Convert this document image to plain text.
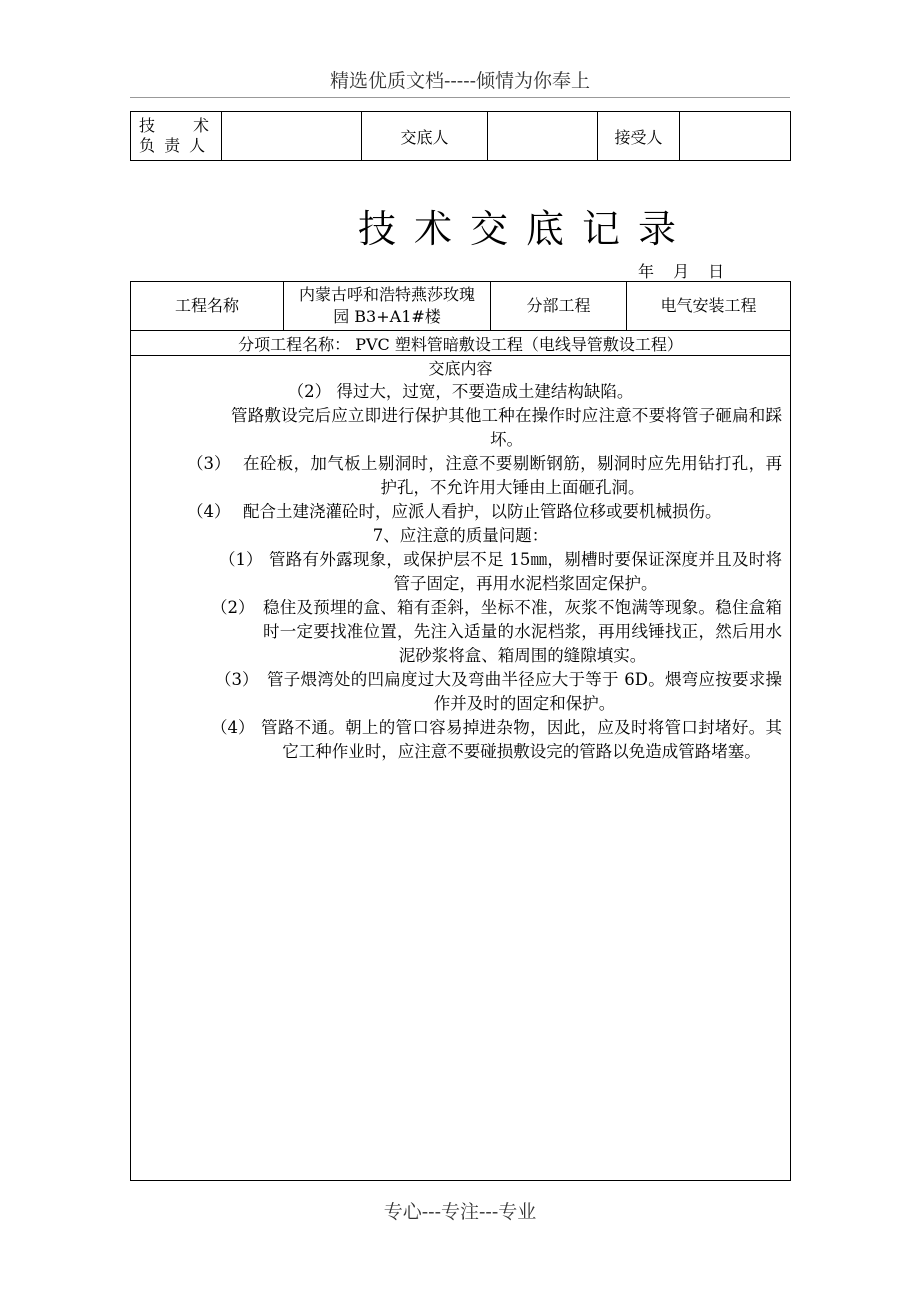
精选优质文档-----倾情为你奉上
技　　术
负 责 人		交底人		接受人	
技术交底记录
年 月 日
工程名称	内蒙古呼和浩特燕莎玫瑰园 B3+A1#楼	分部工程	电气安装工程
分项工程名称： PVC 塑料管暗敷设工程（电线导管敷设工程）

交底内容
（2） 得过大，过宽，不要造成土建结构缺陷。
管路敷设完后应立即进行保护其他工种在操作时应注意不要将管子砸扁和踩坏。
（3） 在砼板，加气板上剔洞时，注意不要剔断钢筋，剔洞时应先用钻打孔，再护孔，不允许用大锤由上面砸孔洞。
（4） 配合土建浇灌砼时，应派人看护，以防止管路位移或要机械损伤。
7、应注意的质量问题：
（1） 管路有外露现象，或保护层不足 15㎜，剔槽时要保证深度并且及时将管子固定，再用水泥档浆固定保护。
（2） 稳住及预埋的盒、箱有歪斜，坐标不准，灰浆不饱满等现象。稳住盒箱时一定要找准位置，先注入适量的水泥档浆，再用线锤找正，然后用水泥砂浆将盒、箱周围的缝隙填实。
（3） 管子煨湾处的凹扁度过大及弯曲半径应大于等于 6D。煨弯应按要求操作并及时的固定和保护。
（4） 管路不通。朝上的管口容易掉进杂物，因此，应及时将管口封堵好。其它工种作业时，应注意不要碰损敷设完的管路以免造成管路堵塞。
专心---专注---专业
